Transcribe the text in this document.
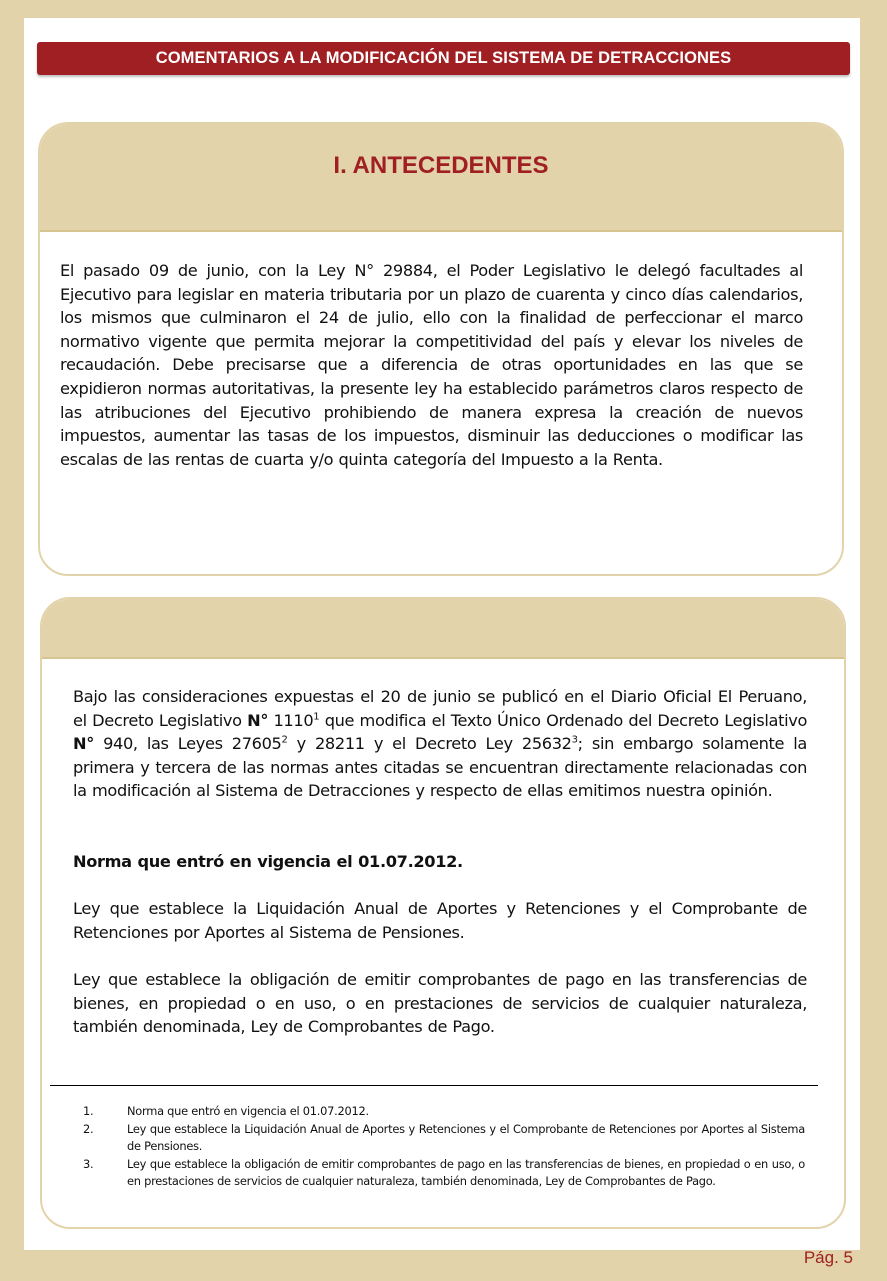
COMENTARIOS A LA MODIFICACIÓN DEL SISTEMA DE DETRACCIONES
I. ANTECEDENTES
El pasado 09 de junio, con la Ley N° 29884, el Poder Legislativo le delegó facultades al Ejecutivo para legislar en materia tributaria por un plazo de cuarenta y cinco días calendarios, los mismos que culminaron el 24 de julio, ello con la finalidad de perfeccionar el marco normativo vigente que permita mejorar la competitividad del país y elevar los niveles de recaudación. Debe precisarse que a diferencia de otras oportunidades en las que se expidieron normas autoritativas, la presente ley ha establecido parámetros claros respecto de las atribuciones del Ejecutivo prohibiendo de manera expresa la creación de nuevos impuestos, aumentar las tasas de los impuestos, disminuir las deducciones o modificar las escalas de las rentas de cuarta y/o quinta categoría del Impuesto a la Renta.
Bajo las consideraciones expuestas el 20 de junio se publicó en el Diario Oficial El Peruano, el Decreto Legislativo N° 1110$^1$ que modifica el Texto Único Ordenado del Decreto Legislativo N° 940, las Leyes 27605$^2$ y 28211 y el Decreto Ley 25632$^3$; sin embargo solamente la primera y tercera de las normas antes citadas se encuentran directamente relacionadas con la modificación al Sistema de Detracciones y respecto de ellas emitimos nuestra opinión.
Norma que entró en vigencia el 01.07.2012.
Ley que establece la Liquidación Anual de Aportes y Retenciones y el Comprobante de Retenciones por Aportes al Sistema de Pensiones.
Ley que establece la obligación de emitir comprobantes de pago en las transferencias de bienes, en propiedad o en uso, o en prestaciones de servicios de cualquier naturaleza, también denominada, Ley de Comprobantes de Pago.
1.	Norma que entró en vigencia el 01.07.2012.
2.	Ley que establece la Liquidación Anual de Aportes y Retenciones y el Comprobante de Retenciones por Aportes al Sistema de Pensiones.
3.	Ley que establece la obligación de emitir comprobantes de pago en las transferencias de bienes, en propiedad o en uso, o en prestaciones de servicios de cualquier naturaleza, también denominada, Ley de Comprobantes de Pago.
Pág. 5
